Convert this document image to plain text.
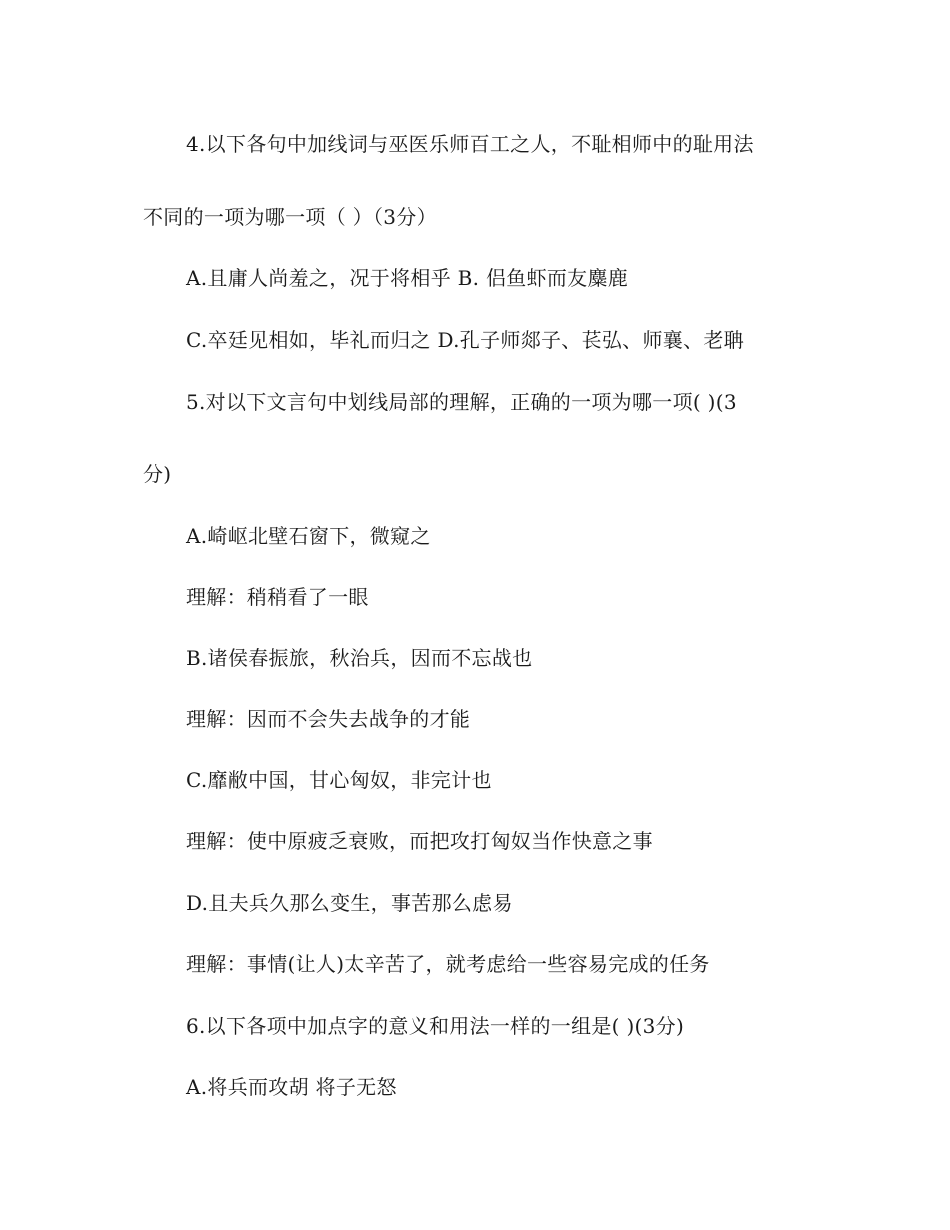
4.以下各句中加线词与巫医乐师百工之人，不耻相师中的耻用法
不同的一项为哪一项（ ）（3分）
A.且庸人尚羞之，况于将相乎 B. 侣鱼虾而友麋鹿
C.卒廷见相如，毕礼而归之 D.孔子师郯子、苌弘、师襄、老聃
5.对以下文言句中划线局部的理解，正确的一项为哪一项( )(3
分)
A.崎岖北壁石窗下，微窥之
理解：稍稍看了一眼
B.诸侯春振旅，秋治兵，因而不忘战也
理解：因而不会失去战争的才能
C.靡敝中国，甘心匈奴，非完计也
理解：使中原疲乏衰败，而把攻打匈奴当作快意之事
D.且夫兵久那么变生，事苦那么虑易
理解：事情(让人)太辛苦了，就考虑给一些容易完成的任务
6.以下各项中加点字的意义和用法一样的一组是( )(3分)
A.将兵而攻胡 将子无怒
